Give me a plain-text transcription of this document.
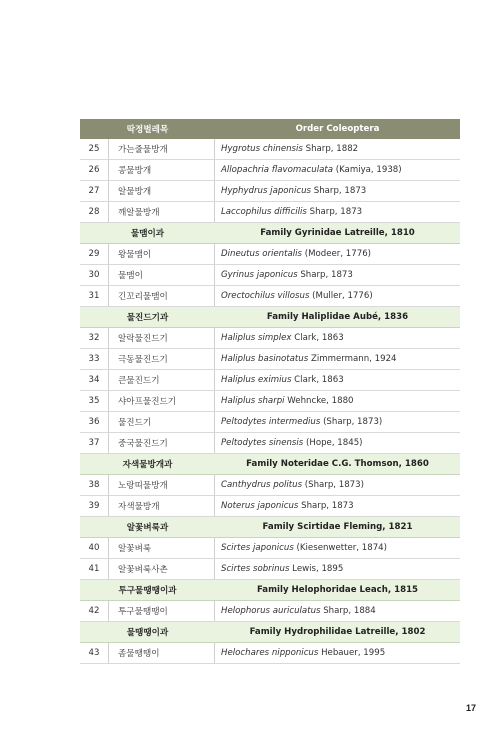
딱정벌레목	Order Coleoptera
25	가는줄물방개	Hygrotus chinensis Sharp, 1882
26	콩물방개	Allopachria flavomaculata (Kamiya, 1938)
27	알물방개	Hyphydrus japonicus Sharp, 1873
28	깨알물방개	Laccophilus difficilis Sharp, 1873
물맴이과	Family Gyrinidae Latreille, 1810
29	왕물맴이	Dineutus orientalis (Modeer, 1776)
30	물맴이	Gyrinus japonicus Sharp, 1873
31	긴꼬리물맴이	Orectochilus villosus (Muller, 1776)
물진드기과	Family Haliplidae Aubé, 1836
32	알락물진드기	Haliplus simplex Clark, 1863
33	극동물진드기	Haliplus basinotatus Zimmermann, 1924
34	큰물진드기	Haliplus eximius Clark, 1863
35	샤아프물진드기	Haliplus sharpi Wehncke, 1880
36	물진드기	Peltodytes intermedius (Sharp, 1873)
37	중국물진드기	Peltodytes sinensis (Hope, 1845)
자색물방개과	Family Noteridae C.G. Thomson, 1860
38	노랑띠물방개	Canthydrus politus (Sharp, 1873)
39	자색물방개	Noterus japonicus Sharp, 1873
알꽃벼룩과	Family Scirtidae Fleming, 1821
40	알꽃벼룩	Scirtes japonicus (Kiesenwetter, 1874)
41	알꽃벼룩사촌	Scirtes sobrinus Lewis, 1895
투구물땡땡이과	Family Helophoridae Leach, 1815
42	투구물땡땡이	Helophorus auriculatus Sharp, 1884
물땡땡이과	Family Hydrophilidae Latreille, 1802
43	좀물땡땡이	Helochares nipponicus Hebauer, 1995
17
